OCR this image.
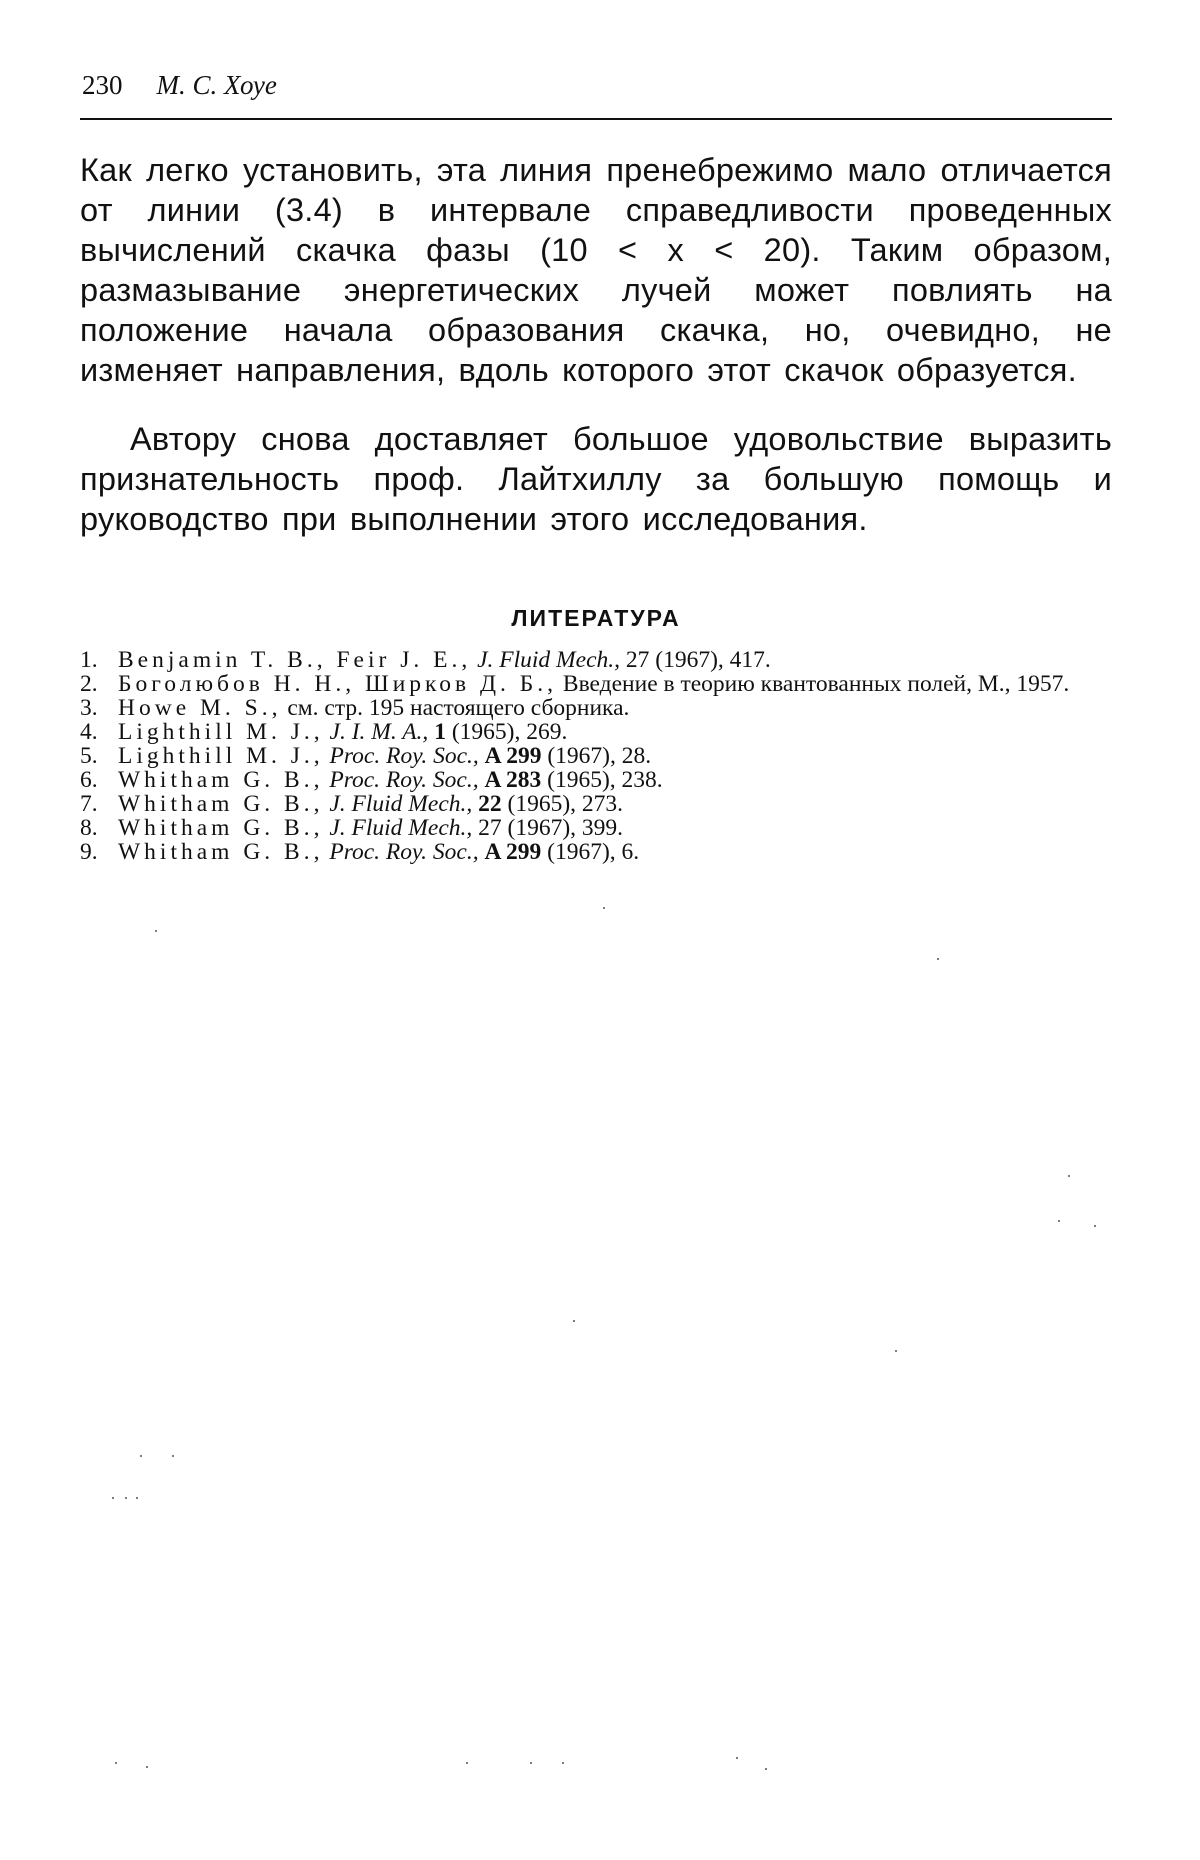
230 М. С. Хоуе

Как легко установить, эта линия пренебрежимо мало отличается от линии (3.4) в интервале справедливости проведенных вычислений скачка фазы (10 < x < 20). Таким образом, размазывание энергетических лучей может повлиять на положение начала образования скачка, но, очевидно, не изменяет направления, вдоль которого этот скачок образуется.

Автору снова доставляет большое удовольствие выразить признательность проф. Лайтхиллу за большую помощь и руководство при выполнении этого исследования.

ЛИТЕРАТУРА
1. Benjamin T. B., Feir J. E., J. Fluid Mech., 27 (1967), 417.
2. Боголюбов Н. Н., Ширков Д. Б., Введение в теорию квантованных полей, М., 1957.
3. Howe M. S., см. стр. 195 настоящего сборника.
4. Lighthill M. J., J. I. M. A., 1 (1965), 269.
5. Lighthill M. J., Proc. Roy. Soc., A 299 (1967), 28.
6. Whitham G. B., Proc. Roy. Soc., A 283 (1965), 238.
7. Whitham G. B., J. Fluid Mech., 22 (1965), 273.
8. Whitham G. B., J. Fluid Mech., 27 (1967), 399.
9. Whitham G. B., Proc. Roy. Soc., A 299 (1967), 6.
